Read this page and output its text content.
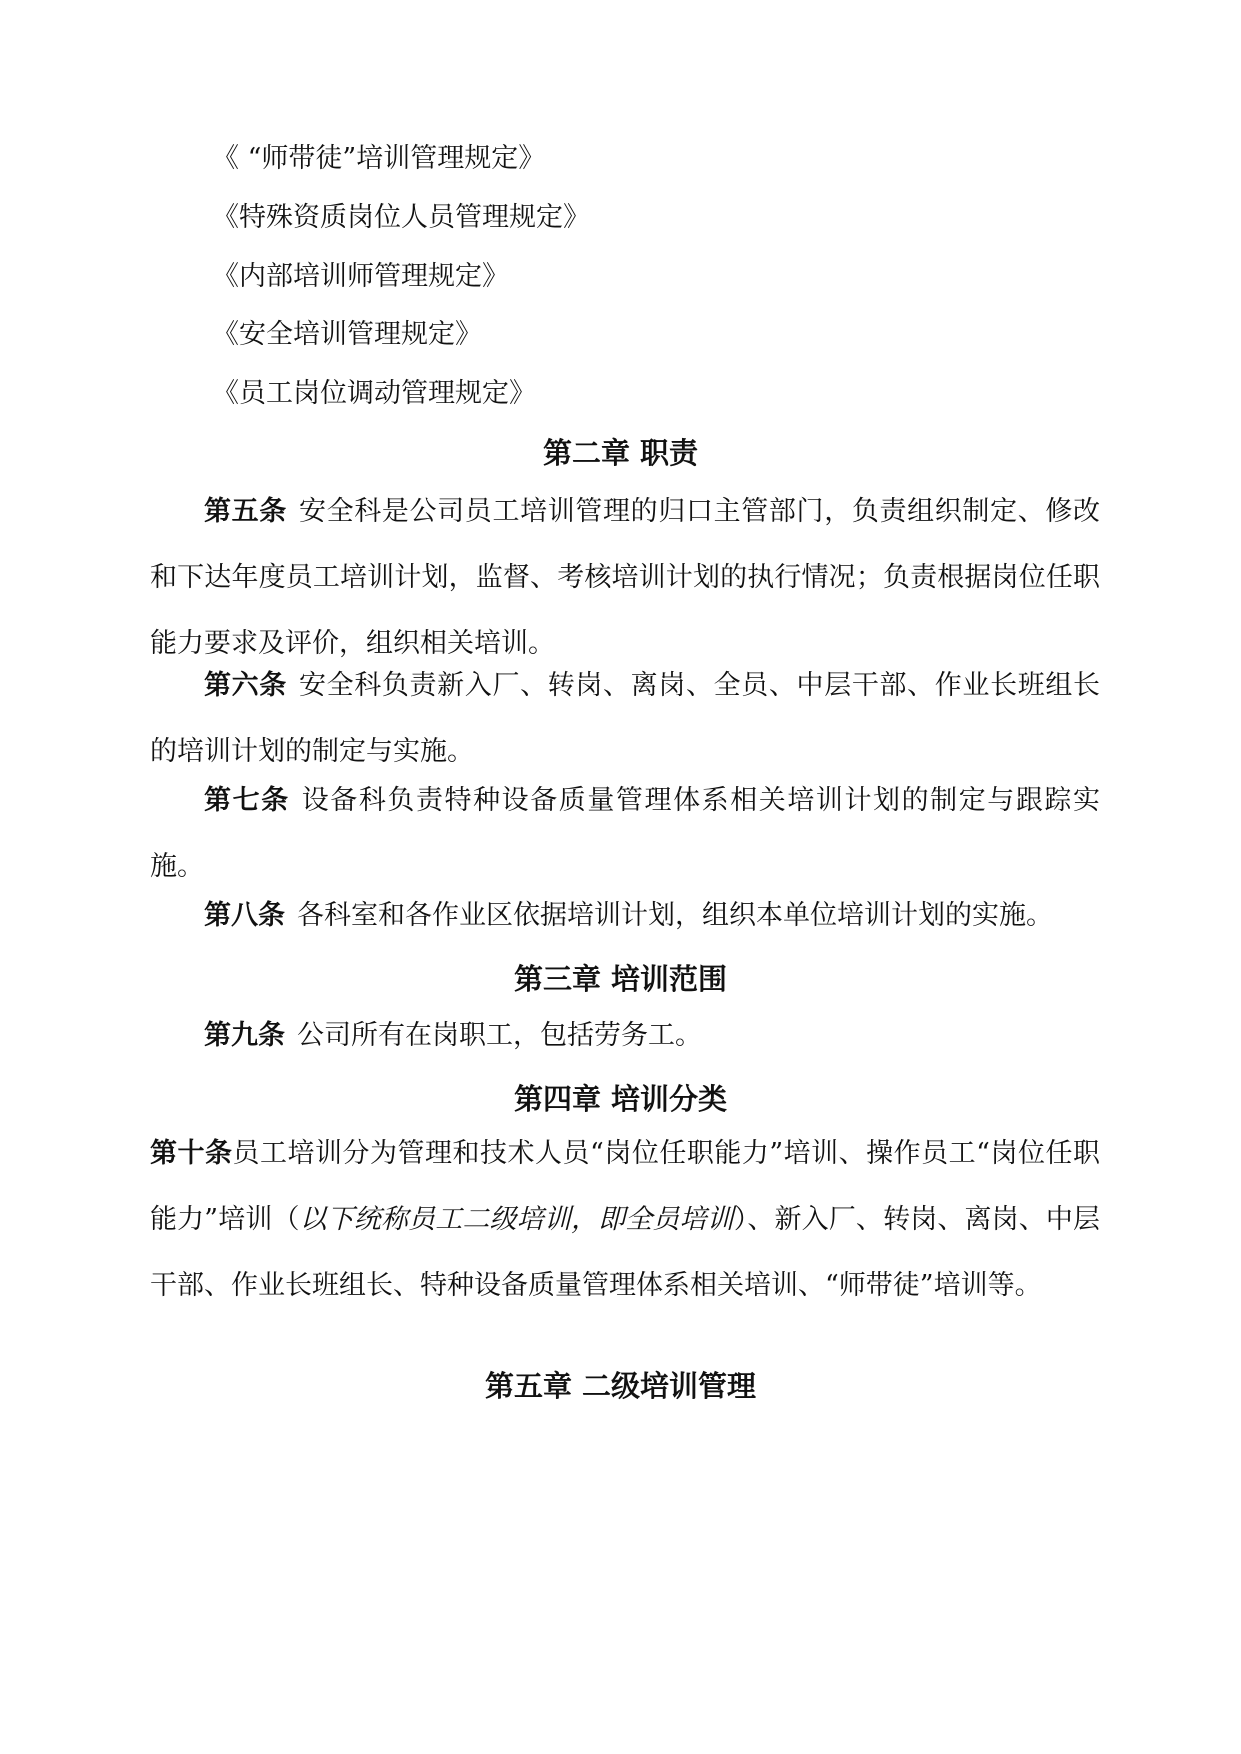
《 “师带徒”培训管理规定》
《特殊资质岗位人员管理规定》
《内部培训师管理规定》
《安全培训管理规定》
《员工岗位调动管理规定》
第二章 职责
第五条 安全科是公司员工培训管理的归口主管部门，负责组织制定、修改和下达年度员工培训计划，监督、考核培训计划的执行情况；负责根据岗位任职能力要求及评价，组织相关培训。
第六条 安全科负责新入厂、转岗、离岗、全员、中层干部、作业长班组长的培训计划的制定与实施。
第七条 设备科负责特种设备质量管理体系相关培训计划的制定与跟踪实施。
第八条 各科室和各作业区依据培训计划，组织本单位培训计划的实施。
第三章 培训范围
第九条 公司所有在岗职工，包括劳务工。
第四章 培训分类
第十条员工培训分为管理和技术人员“岗位任职能力”培训、操作员工“岗位任职能力”培训（以下统称员工二级培训，即全员培训）、新入厂、转岗、离岗、中层干部、作业长班组长、特种设备质量管理体系相关培训、“师带徒”培训等。
第五章 二级培训管理
